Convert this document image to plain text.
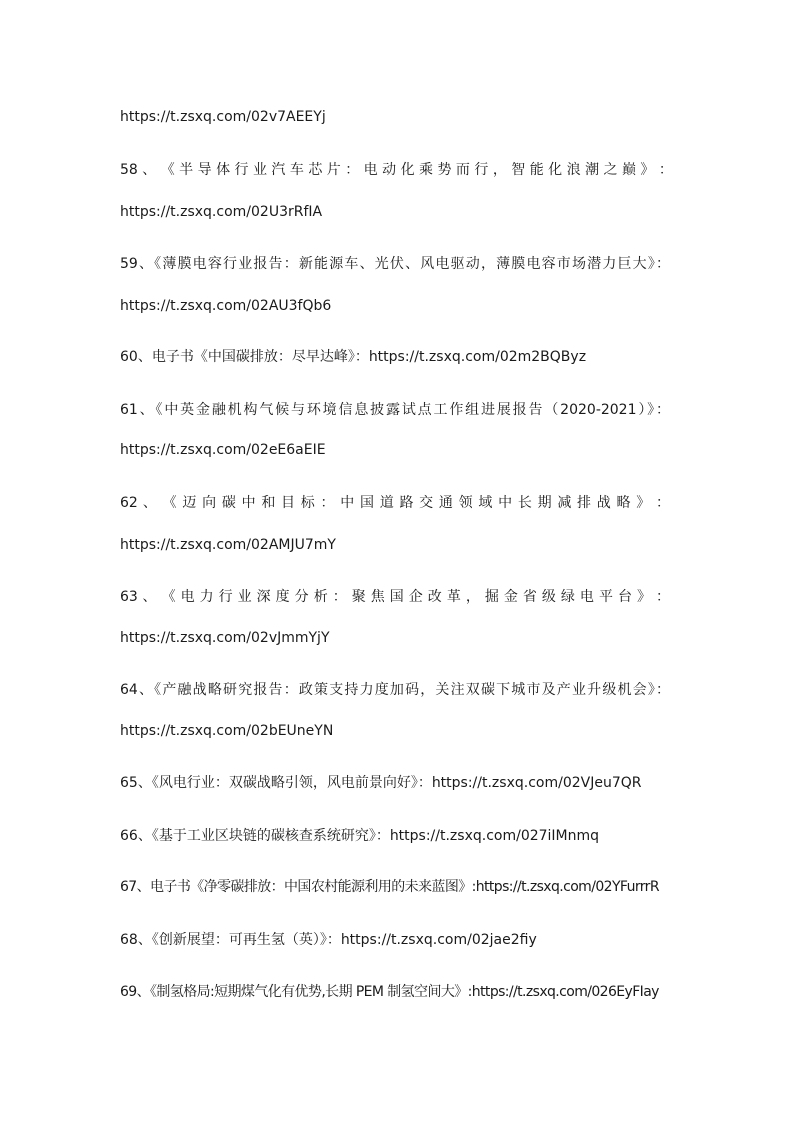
https://t.zsxq.com/02v7AEEYj
58 、 《 半 导 体 行 业 汽 车 芯 片 ： 电 动 化 乘 势 而 行 ， 智 能 化 浪 潮 之 巅 》 ：
https://t.zsxq.com/02U3rRfIA
59、《薄膜电容行业报告：新能源车、光伏、风电驱动，薄膜电容市场潜力巨大》：
https://t.zsxq.com/02AU3fQb6
60、电子书《中国碳排放：尽早达峰》：https://t.zsxq.com/02m2BQByz
61、《中英金融机构气候与环境信息披露试点工作组进展报告（2020-2021）》：
https://t.zsxq.com/02eE6aEIE
62 、 《 迈 向 碳 中 和 目 标 ： 中 国 道 路 交 通 领 域 中 长 期 减 排 战 略 》 ：
https://t.zsxq.com/02AMJU7mY
63 、 《 电 力 行 业 深 度 分 析 ： 聚 焦 国 企 改 革 ， 掘 金 省 级 绿 电 平 台 》 ：
https://t.zsxq.com/02vJmmYjY
64、《产融战略研究报告：政策支持力度加码，关注双碳下城市及产业升级机会》：
https://t.zsxq.com/02bEUneYN
65、《风电行业：双碳战略引领，风电前景向好》：https://t.zsxq.com/02VJeu7QR
66、《基于工业区块链的碳核查系统研究》：https://t.zsxq.com/027iIMnmq
67、电子书《净零碳排放：中国农村能源利用的未来蓝图》:https://t.zsxq.com/02YFurrrR
68、《创新展望：可再生氢（英）》：https://t.zsxq.com/02jae2fiy
69、《制氢格局:短期煤气化有优势,长期 PEM 制氢空间大》:https://t.zsxq.com/026EyFIay
